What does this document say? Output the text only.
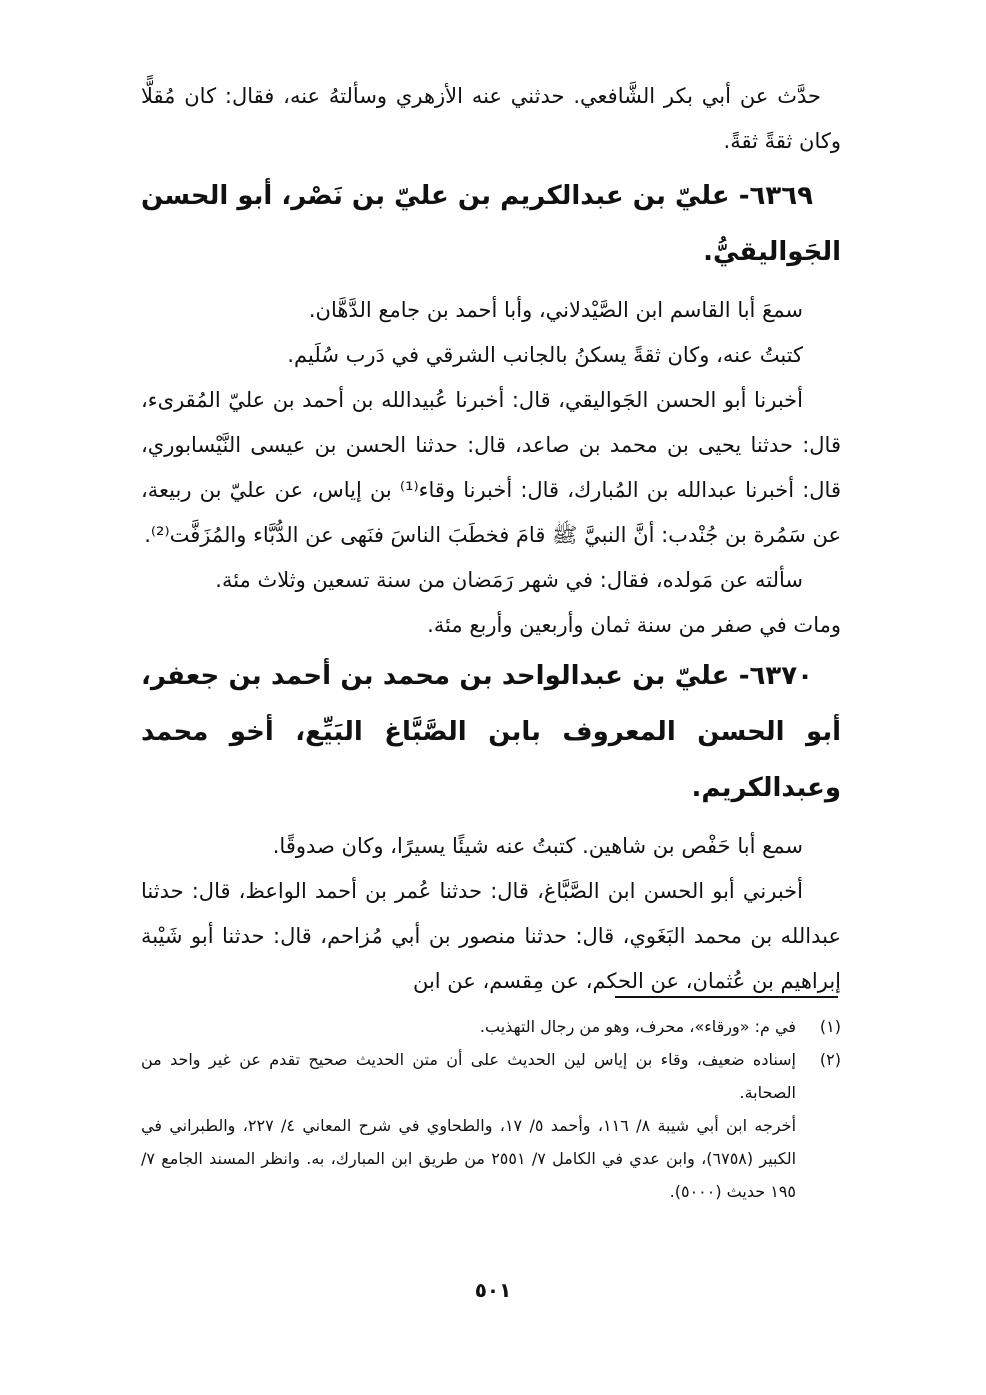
حدَّث عن أبي بكر الشَّافعي. حدثني عنه الأزهري وسألتهُ عنه، فقال: كان مُقلًّا وكان ثقةً ثقةً.

٦٣٦٩- عليّ بن عبدالكريم بن عليّ بن نَصْر، أبو الحسن الجَواليقيُّ.

سمعَ أبا القاسم ابن الصَّيْدلاني، وأبا أحمد بن جامع الدَّهَّان.

كتبتُ عنه، وكان ثقةً يسكنُ بالجانب الشرقي في دَرب سُلَيم.

أخبرنا أبو الحسن الجَواليقي، قال: أخبرنا عُبيدالله بن أحمد بن عليّ المُقرىء، قال: حدثنا يحيى بن محمد بن صاعد، قال: حدثنا الحسن بن عيسى النَّيْسابوري، قال: أخبرنا عبدالله بن المُبارك، قال: أخبرنا وقاء⁽¹⁾ بن إياس، عن عليّ بن ربيعة، عن سَمُرة بن جُنْدب: أنَّ النبيَّ ﷺ قامَ فخطَبَ الناسَ فنَهى عن الدُّبَّاء والمُزَفَّت⁽²⁾.

سألته عن مَولده، فقال: في شهر رَمَضان من سنة تسعين وثلاث مئة.

ومات في صفر من سنة ثمان وأربعين وأربع مئة.

٦٣٧٠- عليّ بن عبدالواحد بن محمد بن أحمد بن جعفر، أبو الحسن المعروف بابن الصَّبَّاغ البَيِّع، أخو محمد وعبدالكريم.

سمع أبا حَفْص بن شاهين. كتبتُ عنه شيئًا يسيرًا، وكان صدوقًا.

أخبرني أبو الحسن ابن الصَّبَّاغ، قال: حدثنا عُمر بن أحمد الواعظ، قال: حدثنا عبدالله بن محمد البَغَوي، قال: حدثنا منصور بن أبي مُزاحم، قال: حدثنا أبو شَيْبة إبراهيم بن عُثمان، عن الحكم، عن مِقسم، عن ابن

(١)
في م: «ورقاء»، محرف، وهو من رجال التهذيب.
(٢)
إسناده ضعيف، وقاء بن إياس لين الحديث على أن متن الحديث صحيح تقدم عن غير واحد من الصحابة.
أخرجه ابن أبي شيبة ٨/ ١١٦، وأحمد ٥/ ١٧، والطحاوي في شرح المعاني ٤/ ٢٢٧، والطبراني في الكبير (٦٧٥٨)، وابن عدي في الكامل ٧/ ٢٥٥١ من طريق ابن المبارك، به. وانظر المسند الجامع ٧/ ١٩٥ حديث (٥٠٠٠).
٥٠١
